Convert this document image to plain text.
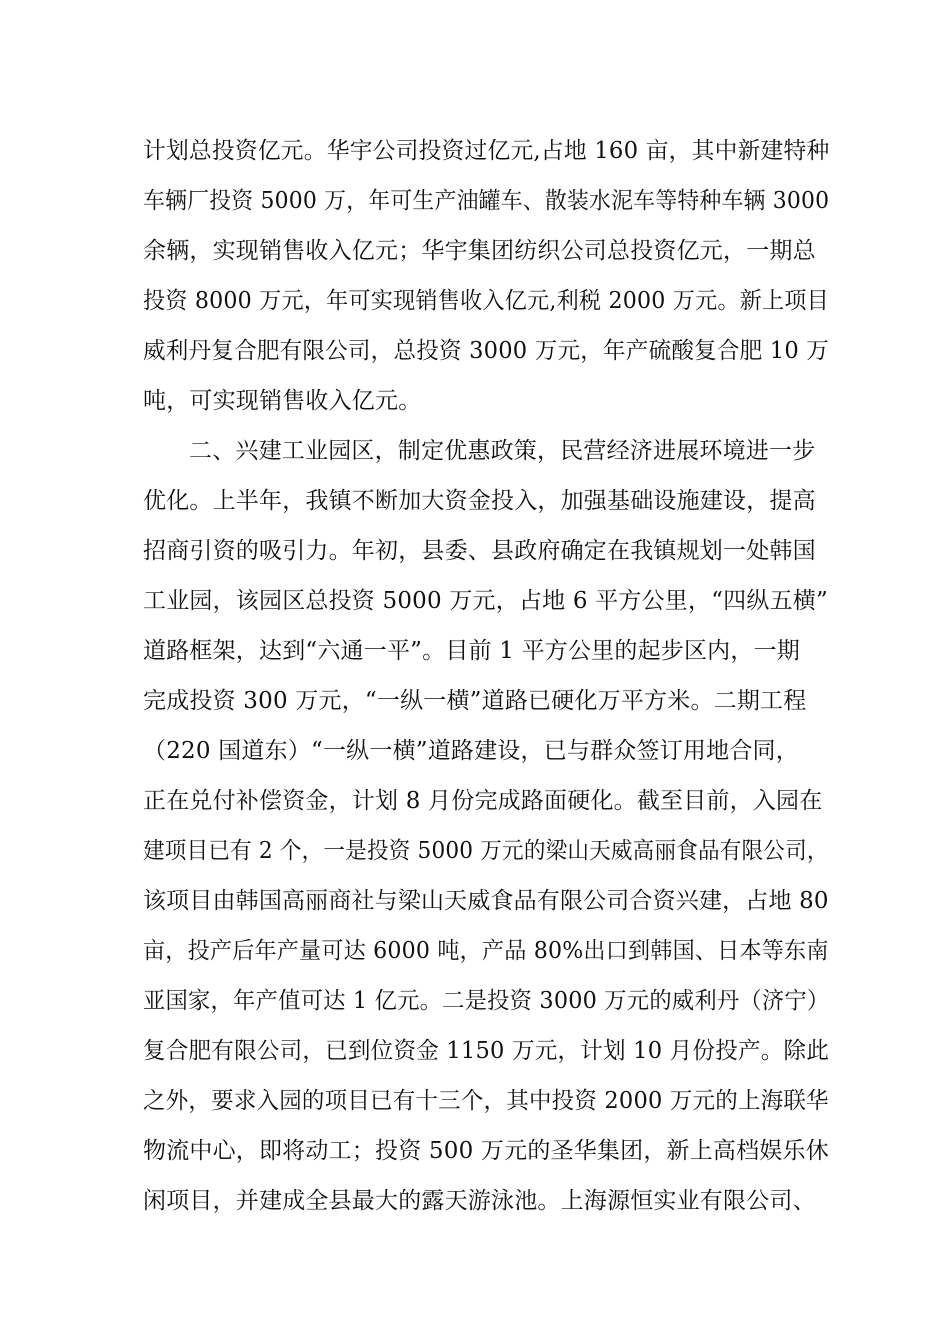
计划总投资亿元。华宇公司投资过亿元,占地 160 亩，其中新建特种
车辆厂投资 5000 万，年可生产油罐车、散装水泥车等特种车辆 3000
余辆，实现销售收入亿元；华宇集团纺织公司总投资亿元，一期总
投资 8000 万元，年可实现销售收入亿元,利税 2000 万元。新上项目
威利丹复合肥有限公司，总投资 3000 万元，年产硫酸复合肥 10 万
吨，可实现销售收入亿元。
二、兴建工业园区，制定优惠政策，民营经济进展环境进一步
优化。上半年，我镇不断加大资金投入，加强基础设施建设，提高
招商引资的吸引力。年初，县委、县政府确定在我镇规划一处韩国
工业园，该园区总投资 5000 万元，占地 6 平方公里，“四纵五横”
道路框架，达到“六通一平”。目前 1 平方公里的起步区内，一期
完成投资 300 万元，“一纵一横”道路已硬化万平方米。二期工程
（220 国道东）“一纵一横”道路建设，已与群众签订用地合同，
正在兑付补偿资金，计划 8 月份完成路面硬化。截至目前，入园在
建项目已有 2 个，一是投资 5000 万元的梁山天威高丽食品有限公司，
该项目由韩国高丽商社与梁山天威食品有限公司合资兴建，占地 80
亩，投产后年产量可达 6000 吨，产品 80%出口到韩国、日本等东南
亚国家，年产值可达 1 亿元。二是投资 3000 万元的威利丹（济宁）
复合肥有限公司，已到位资金 1150 万元，计划 10 月份投产。除此
之外，要求入园的项目已有十三个，其中投资 2000 万元的上海联华
物流中心，即将动工；投资 500 万元的圣华集团，新上高档娱乐休
闲项目，并建成全县最大的露天游泳池。上海源恒实业有限公司、
